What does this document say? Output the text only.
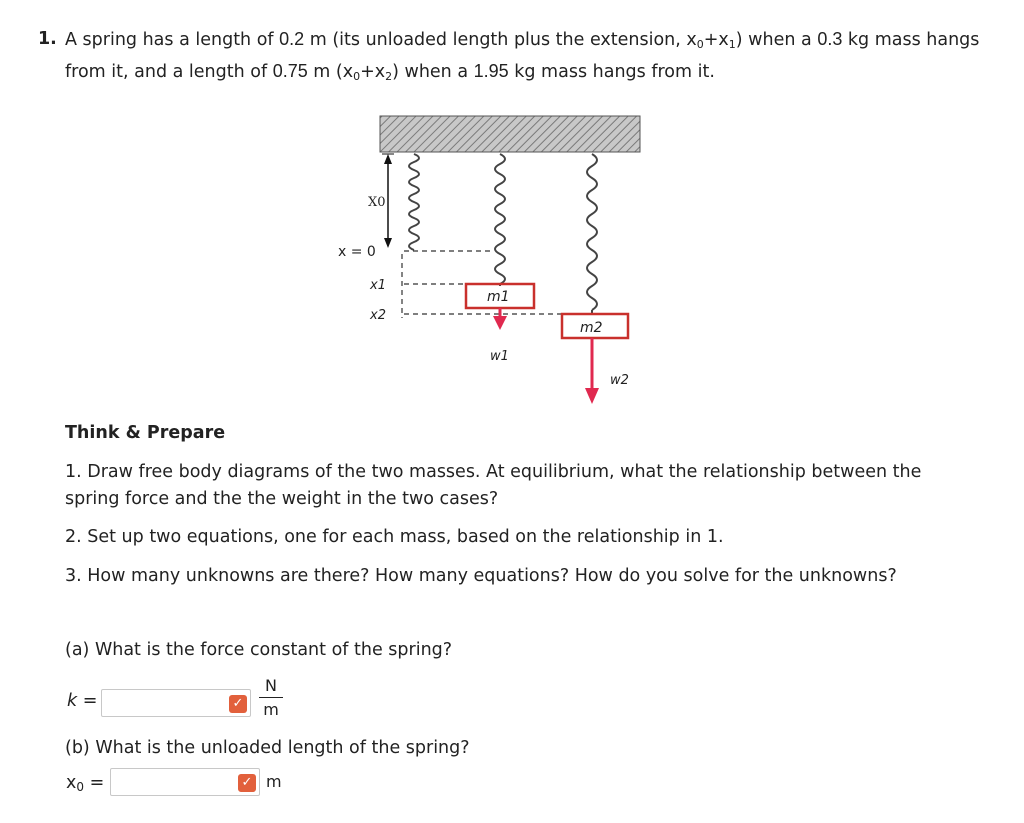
1. A spring has a length of 0.2 m (its unloaded length plus the extension, $x_0+x_1$) when a 0.3 kg mass hangs from it, and a length of 0.75 m $(x_0+x_2)$ when a 1.95 kg mass hangs from it.
X0
x = 0
x1
x2
m1
m2
w1
w2
Think & Prepare
1. Draw free body diagrams of the two masses. At equilibrium, what the relationship between the spring force and the the weight in the two cases?
2. Set up two equations, one for each mass, based on the relationship in 1.
3. How many unknowns are there? How many equations? How do you solve for the unknowns?
(a) What is the force constant of the spring?
k =	✓
N
m
(b) What is the unloaded length of the spring?
$x_0$ =	✓ m
